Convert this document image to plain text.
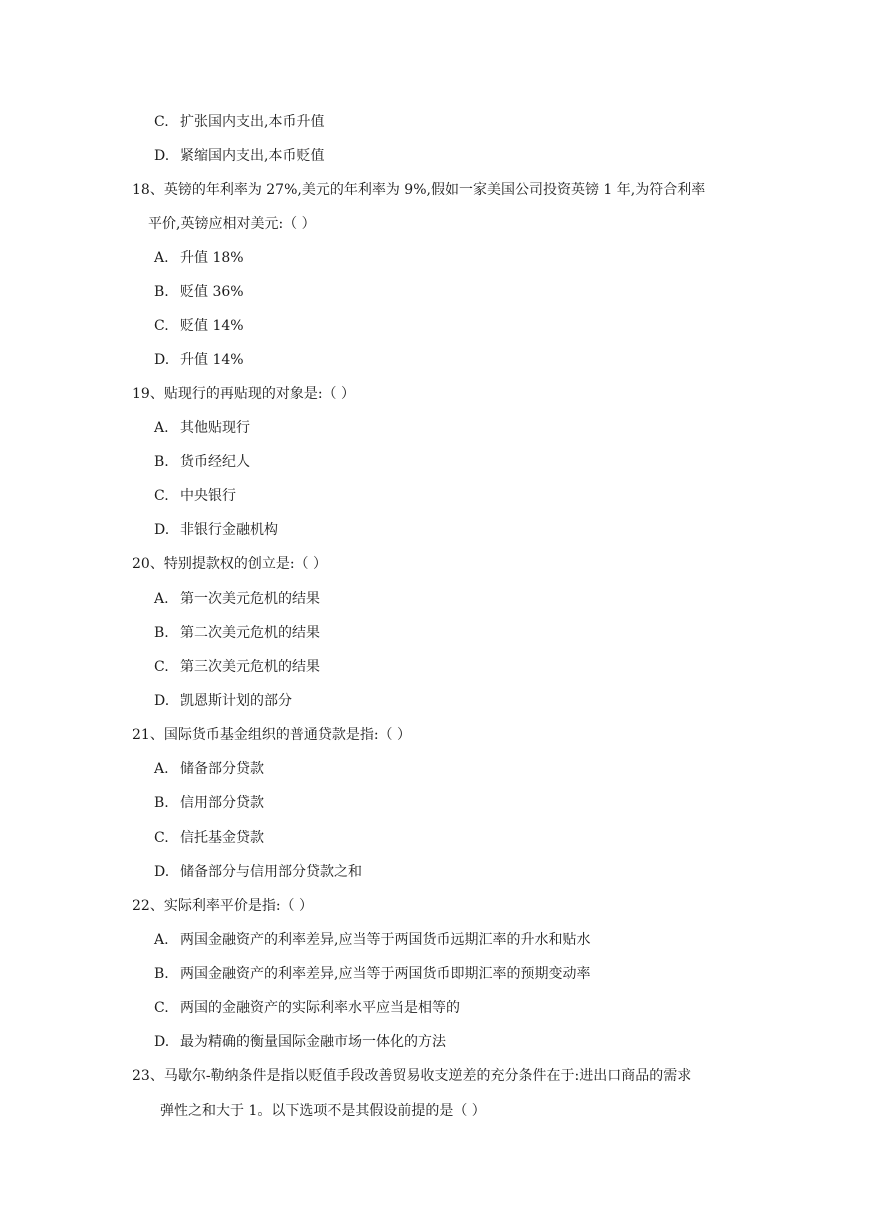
C. 扩张国内支出,本币升值
D. 紧缩国内支出,本币贬值
18、英镑的年利率为 27%,美元的年利率为 9%,假如一家美国公司投资英镑 1 年,为符合利率
平价,英镑应相对美元:（ ）
A. 升值 18%
B. 贬值 36%
C. 贬值 14%
D. 升值 14%
19、贴现行的再贴现的对象是:（ ）
A. 其他贴现行
B. 货币经纪人
C. 中央银行
D. 非银行金融机构
20、特别提款权的创立是:（ ）
A. 第一次美元危机的结果
B. 第二次美元危机的结果
C. 第三次美元危机的结果
D. 凯恩斯计划的部分
21、国际货币基金组织的普通贷款是指:（ ）
A. 储备部分贷款
B. 信用部分贷款
C. 信托基金贷款
D. 储备部分与信用部分贷款之和
22、实际利率平价是指:（ ）
A. 两国金融资产的利率差异,应当等于两国货币远期汇率的升水和贴水
B. 两国金融资产的利率差异,应当等于两国货币即期汇率的预期变动率
C. 两国的金融资产的实际利率水平应当是相等的
D. 最为精确的衡量国际金融市场一体化的方法
23、马歇尔-勒纳条件是指以贬值手段改善贸易收支逆差的充分条件在于:进出口商品的需求
弹性之和大于 1。以下选项不是其假设前提的是（ ）
